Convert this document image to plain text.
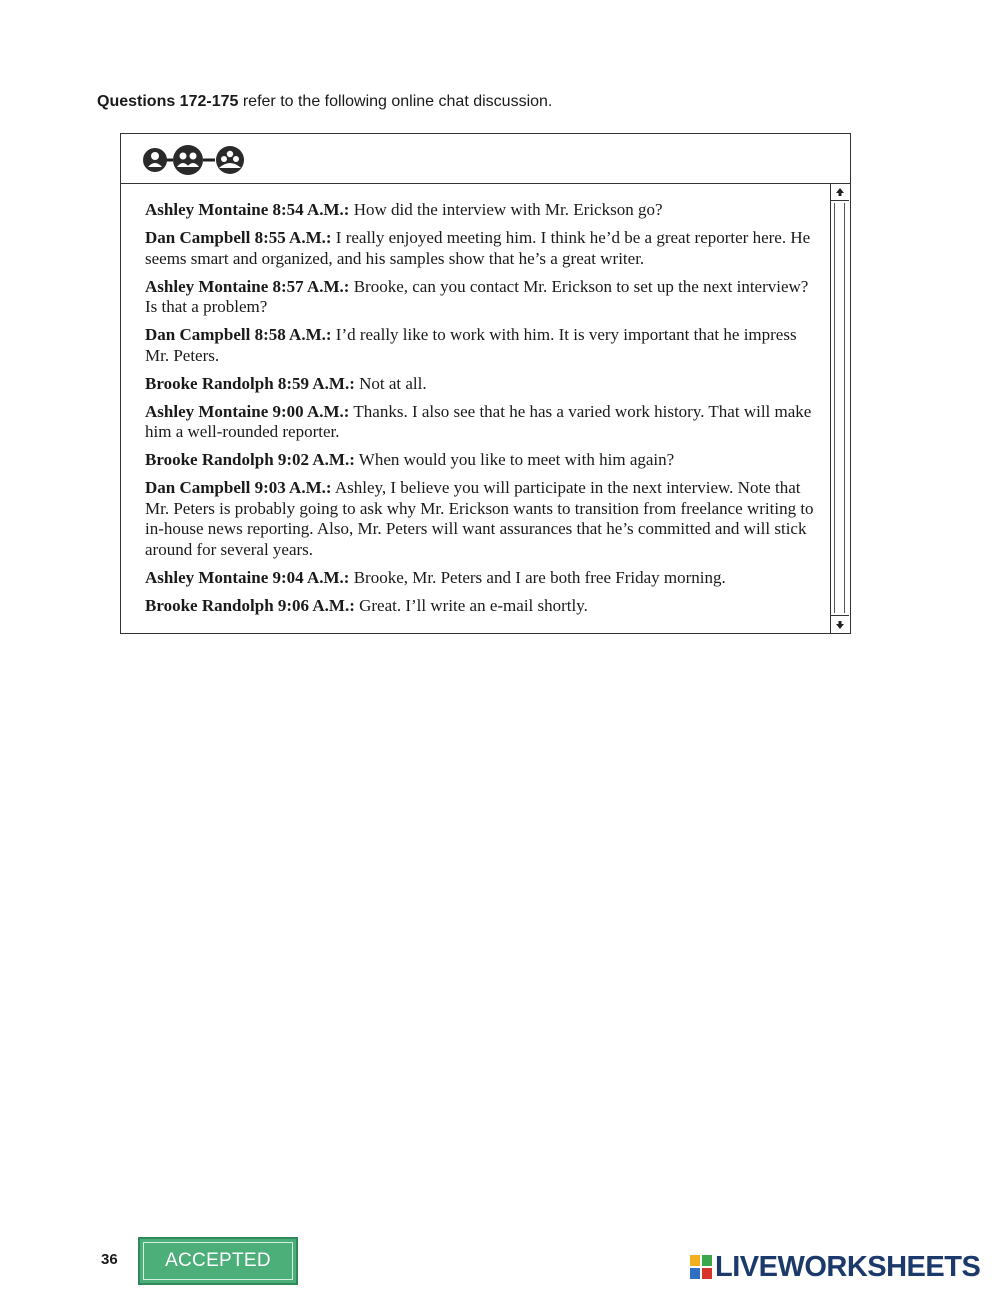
Questions 172-175 refer to the following online chat discussion.

Ashley Montaine 8:54 A.M.: How did the interview with Mr. Erickson go?

Dan Campbell 8:55 A.M.: I really enjoyed meeting him. I think he’d be a great reporter here. He seems smart and organized, and his samples show that he’s a great writer.

Ashley Montaine 8:57 A.M.: Brooke, can you contact Mr. Erickson to set up the next interview? Is that a problem?

Dan Campbell 8:58 A.M.: I’d really like to work with him. It is very important that he impress Mr. Peters.

Brooke Randolph 8:59 A.M.: Not at all.

Ashley Montaine 9:00 A.M.: Thanks. I also see that he has a varied work history. That will make him a well-rounded reporter.

Brooke Randolph 9:02 A.M.: When would you like to meet with him again?

Dan Campbell 9:03 A.M.: Ashley, I believe you will participate in the next interview. Note that Mr. Peters is probably going to ask why Mr. Erickson wants to transition from freelance writing to in-house news reporting. Also, Mr. Peters will want assurances that he’s committed and will stick around for several years.

Ashley Montaine 9:04 A.M.: Brooke, Mr. Peters and I are both free Friday morning.

Brooke Randolph 9:06 A.M.: Great. I’ll write an e-mail shortly.

36	ACCEPTED	LIVEWORKSHEETS
